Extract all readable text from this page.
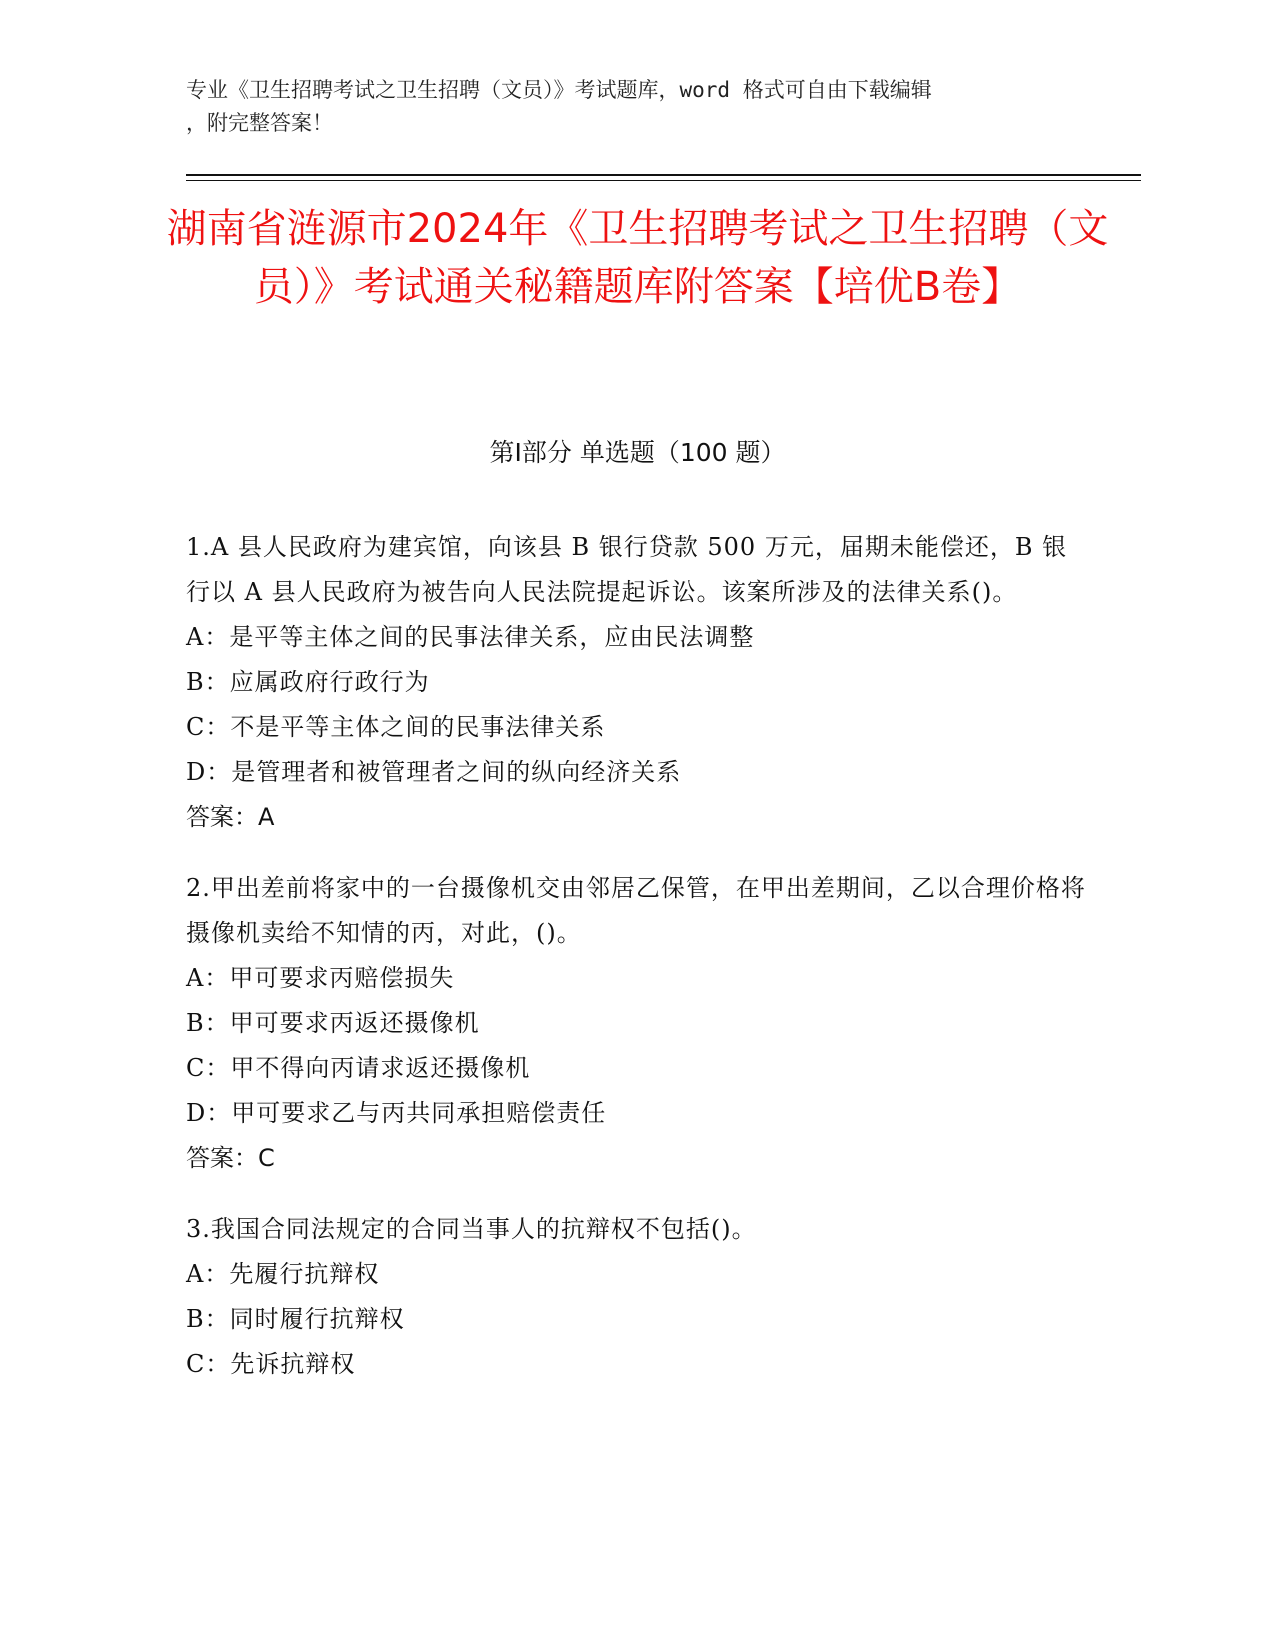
专业《卫生招聘考试之卫生招聘（文员）》考试题库，word 格式可自由下载编辑
，附完整答案！
湖南省涟源市2024年《卫生招聘考试之卫生招聘（文员）》考试通关秘籍题库附答案【培优B卷】
第Ⅰ部分 单选题（100 题）
1.A 县人民政府为建宾馆，向该县 B 银行贷款 500 万元，届期未能偿还，B 银行以 A 县人民政府为被告向人民法院提起诉讼。该案所涉及的法律关系()。
A：是平等主体之间的民事法律关系，应由民法调整
B：应属政府行政行为
C：不是平等主体之间的民事法律关系
D：是管理者和被管理者之间的纵向经济关系
答案：A
2.甲出差前将家中的一台摄像机交由邻居乙保管，在甲出差期间，乙以合理价格将摄像机卖给不知情的丙，对此，()。
A：甲可要求丙赔偿损失
B：甲可要求丙返还摄像机
C：甲不得向丙请求返还摄像机
D：甲可要求乙与丙共同承担赔偿责任
答案：C
3.我国合同法规定的合同当事人的抗辩权不包括()。
A：先履行抗辩权
B：同时履行抗辩权
C：先诉抗辩权
